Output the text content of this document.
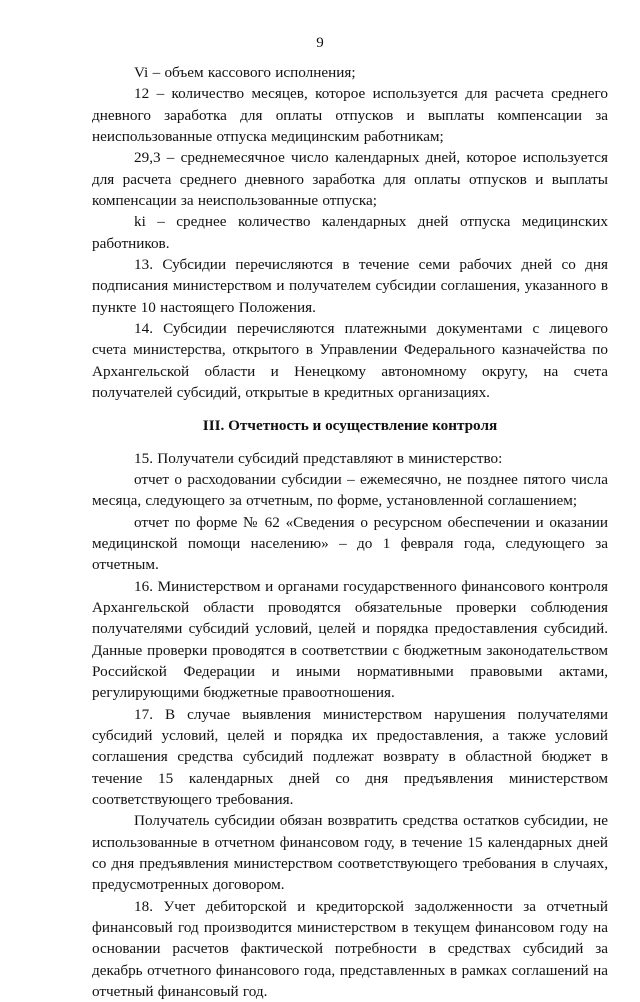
9

Vi – объем кассового исполнения;

12 – количество месяцев, которое используется для расчета среднего дневного заработка для оплаты отпусков и выплаты компенсации за неиспользованные отпуска медицинским работникам;

29,3 – среднемесячное число календарных дней, которое используется для расчета среднего дневного заработка для оплаты отпусков и выплаты компенсации за неиспользованные отпуска;

ki – среднее количество календарных дней отпуска медицинских работников.

13. Субсидии перечисляются в течение семи рабочих дней со дня подписания министерством и получателем субсидии соглашения, указанного в пункте 10 настоящего Положения.

14. Субсидии перечисляются платежными документами с лицевого счета министерства, открытого в Управлении Федерального казначейства по Архангельской области и Ненецкому автономному округу, на счета получателей субсидий, открытые в кредитных организациях.

III. Отчетность и осуществление контроля

15. Получатели субсидий представляют в министерство:

отчет о расходовании субсидии – ежемесячно, не позднее пятого числа месяца, следующего за отчетным, по форме, установленной соглашением;

отчет по форме № 62 «Сведения о ресурсном обеспечении и оказании медицинской помощи населению» – до 1 февраля года, следующего за отчетным.

16. Министерством и органами государственного финансового контроля Архангельской области проводятся обязательные проверки соблюдения получателями субсидий условий, целей и порядка предоставления субсидий. Данные проверки проводятся в соответствии с бюджетным законодательством Российской Федерации и иными нормативными правовыми актами, регулирующими бюджетные правоотношения.

17. В случае выявления министерством нарушения получателями субсидий условий, целей и порядка их предоставления, а также условий соглашения средства субсидий подлежат возврату в областной бюджет в течение 15 календарных дней со дня предъявления министерством соответствующего требования.

Получатель субсидии обязан возвратить средства остатков субсидии, не использованные в отчетном финансовом году, в течение 15 календарных дней со дня предъявления министерством соответствующего требования в случаях, предусмотренных договором.

18. Учет дебиторской и кредиторской задолженности за отчетный финансовый год производится министерством в текущем финансовом году на основании расчетов фактической потребности в средствах субсидий за декабрь отчетного финансового года, представленных в рамках соглашений на отчетный финансовый год.
